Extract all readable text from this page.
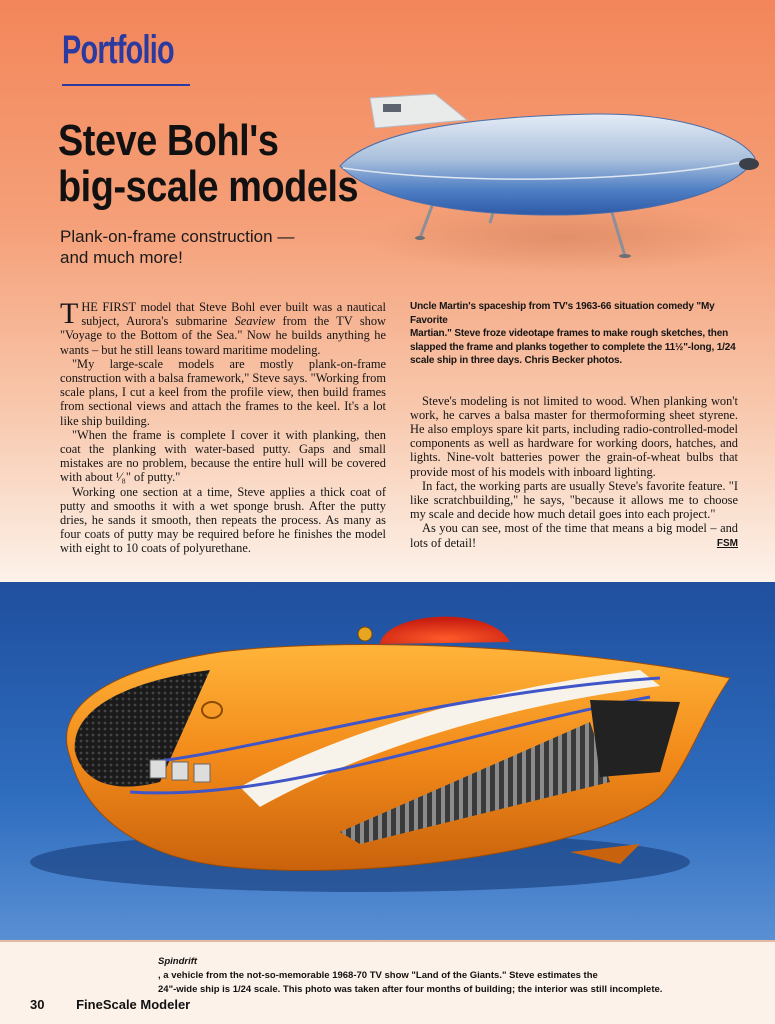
Portfolio
Steve Bohl's
big-scale models

Plank-on-frame construction —
and much more!

THE FIRST model that Steve Bohl ever built was a nautical subject, Aurora's submarine Seaview from the TV show "Voyage to the Bottom of the Sea." Now he builds anything he wants – but he still leans toward maritime modeling.

"My large-scale models are mostly plank-on-frame construction with a balsa framework," Steve says. "Working from scale plans, I cut a keel from the profile view, then build frames from sectional views and attach the frames to the keel. It's a lot like ship building.

"When the frame is complete I cover it with planking, then coat the planking with water-based putty. Gaps and small mistakes are no problem, because the entire hull will be covered with about ¹⁄₈" of putty."

Working one section at a time, Steve applies a thick coat of putty and smooths it with a wet sponge brush. After the putty dries, he sands it smooth, then repeats the process. As many as four coats of putty may be required before he finishes the model with eight to 10 coats of polyurethane.

Uncle Martin's spaceship from TV's 1963-66 situation comedy "My Favorite
Martian." Steve froze videotape frames to make rough sketches, then
slapped the frame and planks together to complete the 11½"-long, 1/24
scale ship in three days. Chris Becker photos.

Steve's modeling is not limited to wood. When planking won't work, he carves a balsa master for thermoforming sheet styrene. He also employs spare kit parts, including radio-controlled-model components as well as hardware for working doors, hatches, and lights. Nine-volt batteries power the grain-of-wheat bulbs that provide most of his models with inboard lighting.

In fact, the working parts are usually Steve's favorite feature. "I like scratchbuilding," he says, "because it allows me to choose my scale and decide how much detail goes into each project."

As you can see, most of the time that means a big model – and lots of detail!	FSM

Spindrift
, a vehicle from the not-so-memorable 1968-70 TV show "Land of the Giants." Steve estimates the
24"-wide ship is 1/24 scale. This photo was taken after four months of building; the interior was still incomplete.

30 FineScale Modeler
